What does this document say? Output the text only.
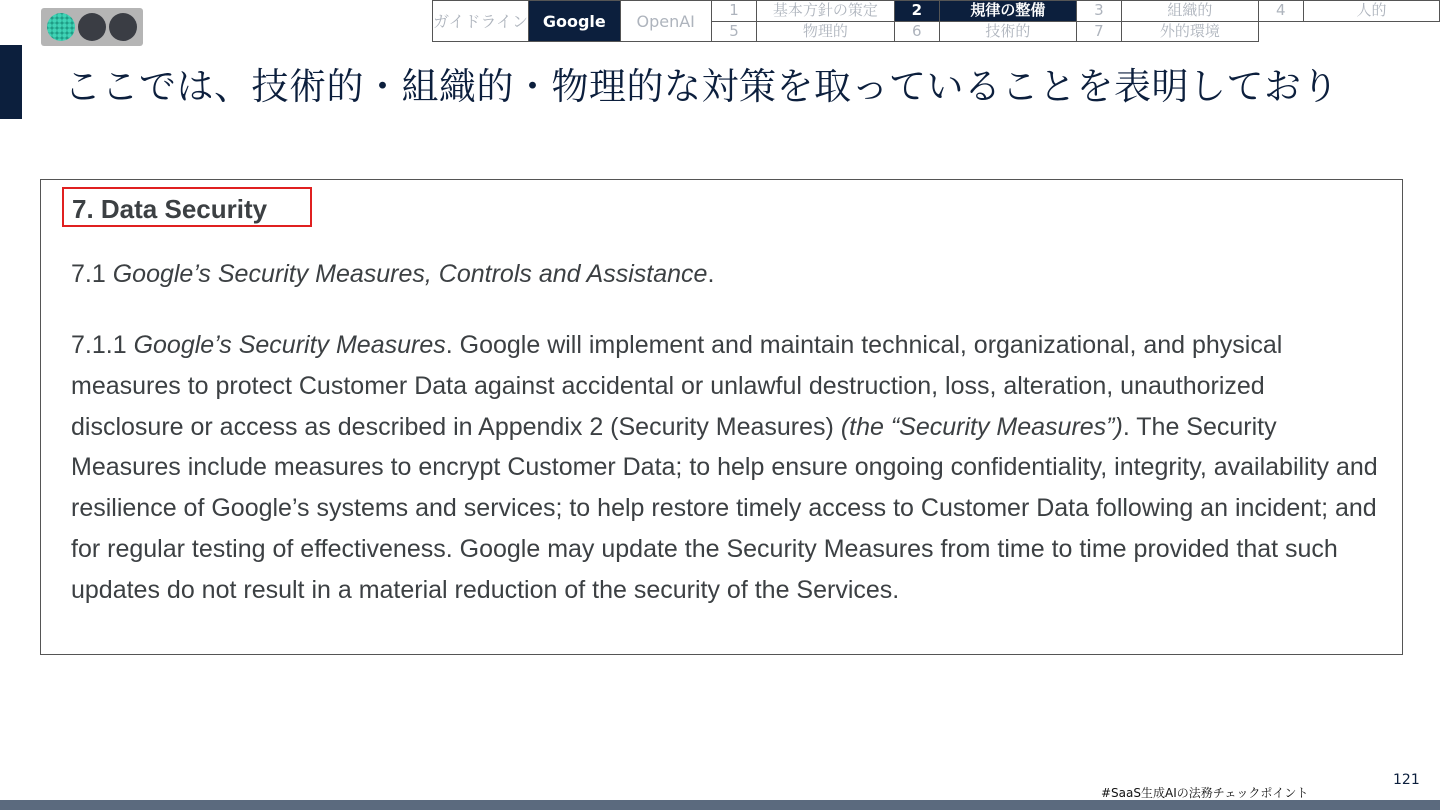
ガイドライン	Google	OpenAI	1	基本方針の策定	2	規律の整備	3	組織的	4	人的
			5	物理的	6	技術的	7	外的環境		
ここでは、技術的・組織的・物理的な対策を取っていることを表明しており
7. Data Security
7.1 Google’s Security Measures, Controls and Assistance.
7.1.1 Google’s Security Measures. Google will implement and maintain technical, organizational, and physical measures to protect Customer Data against accidental or unlawful destruction, loss, alteration, unauthorized disclosure or access as described in Appendix 2 (Security Measures) (the “Security Measures”). The Security Measures include measures to encrypt Customer Data; to help ensure ongoing confidentiality, integrity, availability and resilience of Google’s systems and services; to help restore timely access to Customer Data following an incident; and for regular testing of effectiveness. Google may update the Security Measures from time to time provided that such updates do not result in a material reduction of the security of the Services.
#SaaS生成AIの法務チェックポイント
121
